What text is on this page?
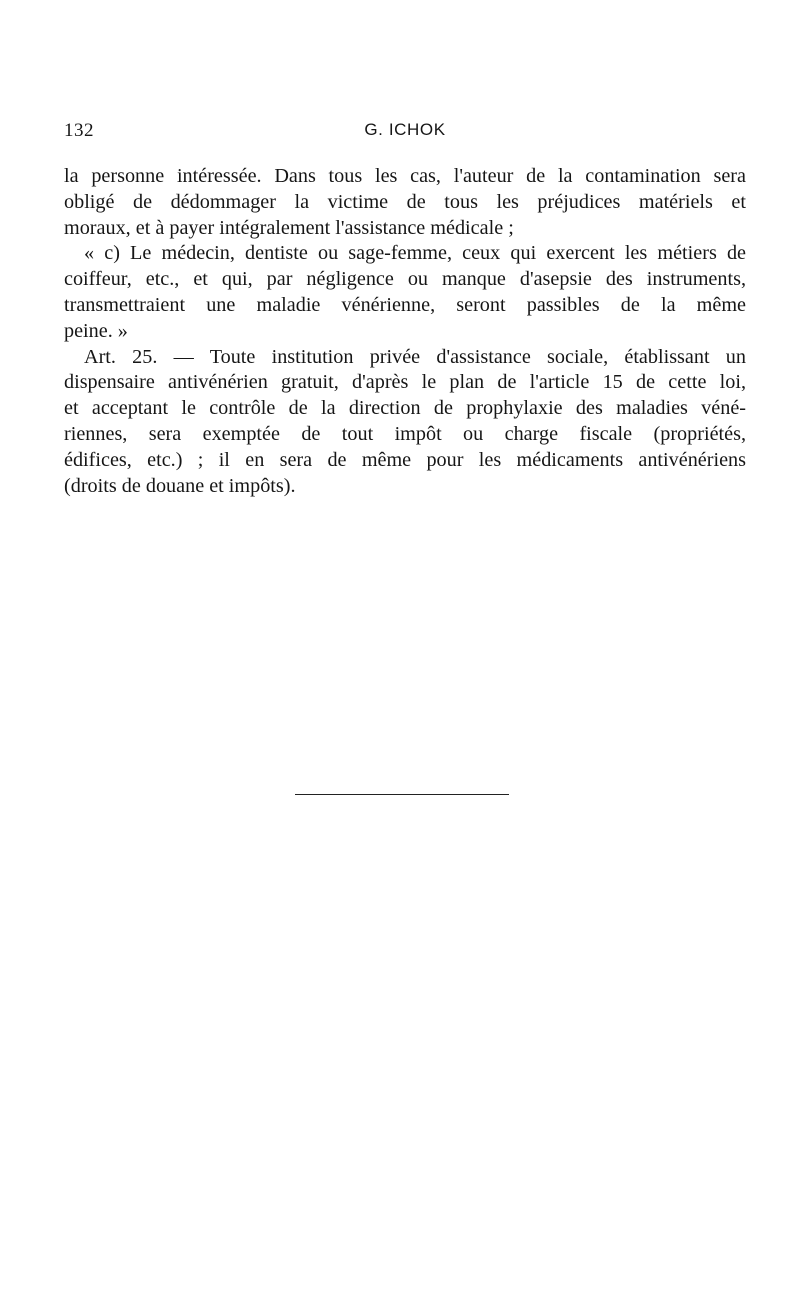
132	G. ICHOK
la personne intéressée. Dans tous les cas, l'auteur de la contamination sera
obligé de dédommager la victime de tous les préjudices matériels et
moraux, et à payer intégralement l'assistance médicale ;
« c) Le médecin, dentiste ou sage-femme, ceux qui exercent les métiers de
coiffeur, etc., et qui, par négligence ou manque d'asepsie des instruments,
transmettraient une maladie vénérienne, seront passibles de la même
peine. »
Art. 25. — Toute institution privée d'assistance sociale, établissant un
dispensaire antivénérien gratuit, d'après le plan de l'article 15 de cette loi,
et acceptant le contrôle de la direction de prophylaxie des maladies véné-
riennes, sera exemptée de tout impôt ou charge fiscale (propriétés,
édifices, etc.) ; il en sera de même pour les médicaments antivénériens
(droits de douane et impôts).
